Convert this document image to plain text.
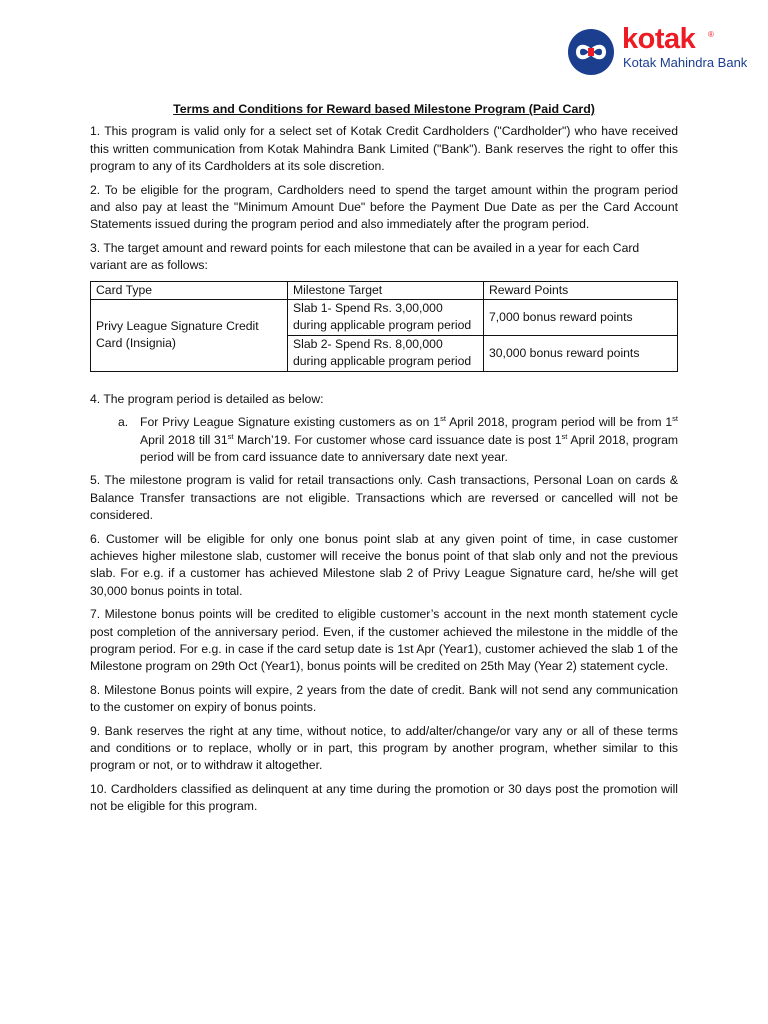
kotak ®
Kotak Mahindra Bank
Terms and Conditions for Reward based Milestone Program (Paid Card)

1. This program is valid only for a select set of Kotak Credit Cardholders ("Cardholder") who have received this written communication from Kotak Mahindra Bank Limited ("Bank"). Bank reserves the right to offer this program to any of its Cardholders at its sole discretion.

2. To be eligible for the program, Cardholders need to spend the target amount within the program period and also pay at least the "Minimum Amount Due" before the Payment Due Date as per the Card Account Statements issued during the program period and also immediately after the program period.

3. The target amount and reward points for each milestone that can be availed in a year for each Card variant are as follows:

Card Type	Milestone Target	Reward Points
Privy League Signature Credit Card (Insignia)	Slab 1- Spend Rs. 3,00,000 during applicable program period	7,000 bonus reward points
	Slab 2- Spend Rs. 8,00,000 during applicable program period	30,000 bonus reward points

4. The program period is detailed as below:

a. For Privy League Signature existing customers as on 1st April 2018, program period will be from 1st April 2018 till 31st March’19. For customer whose card issuance date is post 1st April 2018, program period will be from card issuance date to anniversary date next year.

5. The milestone program is valid for retail transactions only. Cash transactions, Personal Loan on cards & Balance Transfer transactions are not eligible. Transactions which are reversed or cancelled will not be considered.

6. Customer will be eligible for only one bonus point slab at any given point of time, in case customer achieves higher milestone slab, customer will receive the bonus point of that slab only and not the previous slab. For e.g. if a customer has achieved Milestone slab 2 of Privy League Signature card, he/she will get 30,000 bonus points in total.

7. Milestone bonus points will be credited to eligible customer’s account in the next month statement cycle post completion of the anniversary period. Even, if the customer achieved the milestone in the middle of the program period. For e.g. in case if the card setup date is 1st Apr (Year1), customer achieved the slab 1 of the Milestone program on 29th Oct (Year1), bonus points will be credited on 25th May (Year 2) statement cycle.

8. Milestone Bonus points will expire, 2 years from the date of credit. Bank will not send any communication to the customer on expiry of bonus points.

9. Bank reserves the right at any time, without notice, to add/alter/change/or vary any or all of these terms and conditions or to replace, wholly or in part, this program by another program, whether similar to this program or not, or to withdraw it altogether.

10. Cardholders classified as delinquent at any time during the promotion or 30 days post the promotion will not be eligible for this program.
